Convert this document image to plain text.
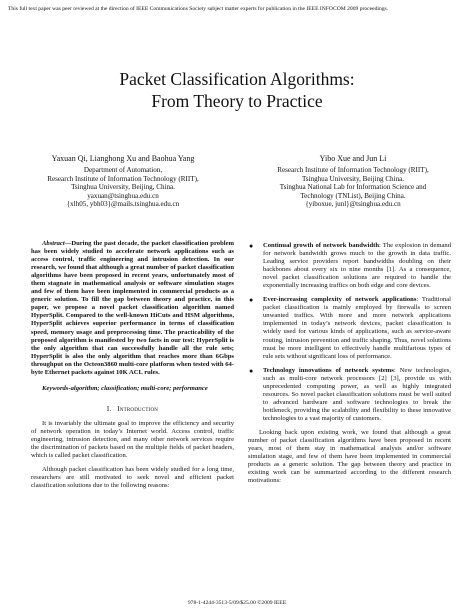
This full text paper was peer reviewed at the direction of IEEE Communications Society subject matter experts for publication in the IEEE INFOCOM 2009 proceedings.
Packet Classification Algorithms:
From Theory to Practice
Yaxuan Qi, Lianghong Xu and Baohua Yang
Department of Automation,
Research Institute of Information Technology (RIIT),
Tsinghua University, Beijing, China.
yaxuan@tsinghua.edu.cn
{xlh05, ybh03}@mails.tsinghua.edu.cn
Yibo Xue and Jun Li
Research Institute of Information Technology (RIIT),
Tsinghua University, Beijing China.
Tsinghua National Lab for Information Science and
Technology (TNList), Beijing China.
{yiboxue, junl}@tsinghua.edu.cn

Abstract—During the past decade, the packet classification problem has been widely studied to accelerate network applications such as access control, traffic engineering and intrusion detection. In our research, we found that although a great number of packet classification algorithms have been proposed in recent years, unfortunately most of them stagnate in mathematical analysis or software simulation stages and few of them have been implemented in commercial products as a generic solution. To fill the gap between theory and practice, in this paper, we propose a novel packet classification algorithm named HyperSplit. Compared to the well-known HiCuts and HSM algorithms, HyperSplit achieves superior performance in terms of classification speed, memory usage and preprocessing time. The practicability of the proposed algorithm is manifested by two facts in our test: HyperSplit is the only algorithm that can successfully handle all the rule sets; HyperSplit is also the only algorithm that reaches more than 6Gbps throughput on the Octeon3860 multi-core platform when tested with 64-byte Ethernet packets against 10K ACL rules.

Keywords-algorithm; classification; multi-core; performance

I. Introduction

It is invariably the ultimate goal to improve the efficiency and security of network operation in today’s Internet world. Access control, traffic engineering, intrusion detection, and many other network services require the discrimination of packets based on the multiple fields of packet headers, which is called packet classification.

Although packet classification has been widely studied for a long time, researchers are still motivated to seek novel and efficient packet classification solutions due to the following reasons:

● Continual growth of network bandwidth: The explosion in demand for network bandwidth grows much to the growth in data traffic. Leading service providers report bandwidths doubling on their backbones about every six to nine months [1]. As a consequence, novel packet classification solutions are required to handle the exponentially increasing traffics on both edge and core devices.
● Ever-increasing complexity of network applications: Traditional packet classification is mainly employed by firewalls to screen unwanted traffics. With more and more network applications implemented in today’s network devices, packet classification is widely used for various kinds of applications, such as service-aware routing, intrusion prevention and traffic shaping. Thus, novel solutions must be more intelligent to effectively handle multifarious types of rule sets without significant loss of performance.
● Technology innovations of network systems: New technologies, such as multi-core network processors [2] [3], provide us with unprecedented computing power, as well as highly integrated resources. So novel packet classification solutions must be well suited to advanced hardware and software technologies to break the bottleneck, providing the scalability and flexibility to these innovative technologies to a vast majority of customers.

Looking back upon existing work, we found that although a great number of packet classification algorithms have been proposed in recent years, most of them stay in mathematical analysis and/or software simulation stage, and few of them have been implemented in commercial products as a generic solution. The gap between theory and practice in existing work can be summarized according to the different research motivations:

978-1-4244-3513-5/09/$25.00 ©2009 IEEE
